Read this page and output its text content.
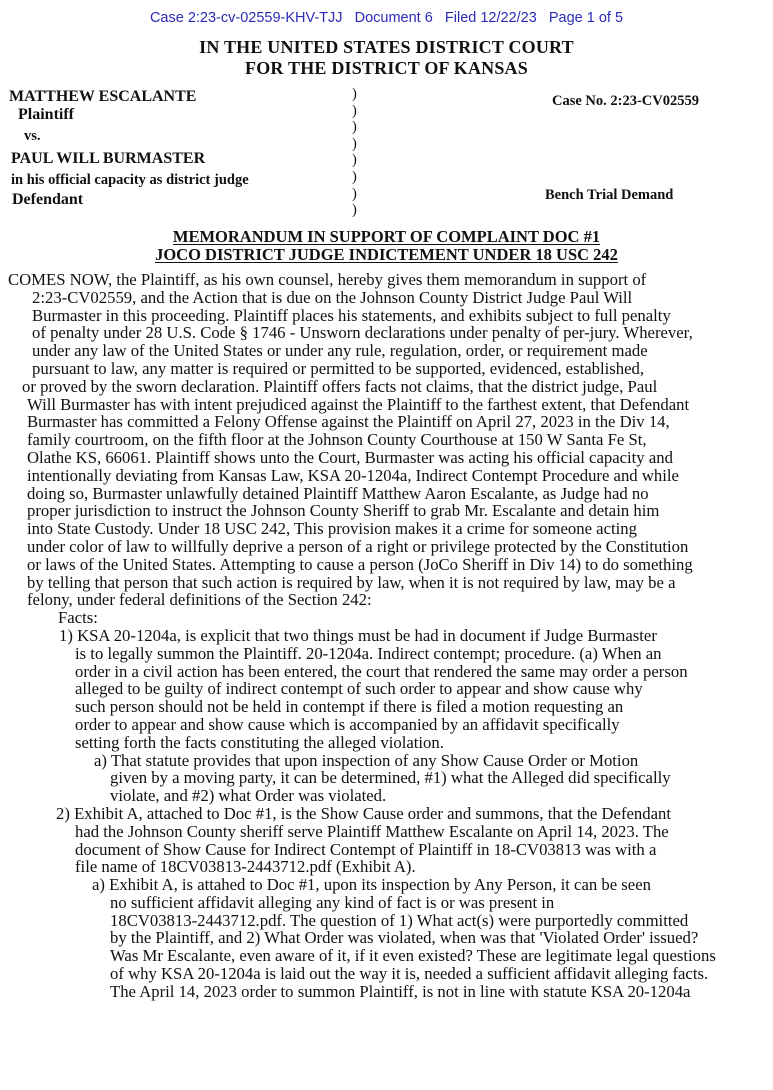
Case 2:23-cv-02559-KHV-TJJ   Document 6   Filed 12/22/23   Page 1 of 5
IN THE UNITED STATES DISTRICT COURT
FOR THE DISTRICT OF KANSAS
MATTHEW ESCALANTE
Plaintiff
vs.
PAUL WILL BURMASTER
in his official capacity as district judge
Defendant
)
)
)
)
)
)
)
)
Case No. 2:23-CV02559
Bench Trial Demand
MEMORANDUM IN SUPPORT OF COMPLAINT DOC #1
JOCO DISTRICT JUDGE INDICTEMENT UNDER 18 USC 242
COMES NOW, the Plaintiff, as his own counsel, hereby gives them memorandum in support of
2:23-CV02559, and the Action that is due on the Johnson County District Judge Paul Will
Burmaster in this proceeding. Plaintiff places his statements, and exhibits subject to full penalty
of penalty under 28 U.S. Code § 1746 - Unsworn declarations under penalty of per-jury. Wherever,
under any law of the United States or under any rule, regulation, order, or requirement made
pursuant to law, any matter is required or permitted to be supported, evidenced, established,
or proved by the sworn declaration. Plaintiff offers facts not claims, that the district judge, Paul
Will Burmaster has with intent prejudiced against the Plaintiff to the farthest extent, that Defendant
Burmaster has committed a Felony Offense against the Plaintiff on April 27, 2023 in the Div 14,
family courtroom, on the fifth floor at the Johnson County Courthouse at 150 W Santa Fe St,
Olathe KS, 66061. Plaintiff shows unto the Court, Burmaster was acting his official capacity and
intentionally deviating from Kansas Law, KSA 20-1204a, Indirect Contempt Procedure and while
doing so, Burmaster unlawfully detained Plaintiff Matthew Aaron Escalante, as Judge had no
proper jurisdiction to instruct the Johnson County Sheriff to grab Mr. Escalante and detain him
into State Custody. Under 18 USC 242, This provision makes it a crime for someone acting
under color of law to willfully deprive a person of a right or privilege protected by the Constitution
or laws of the United States. Attempting to cause a person (JoCo Sheriff in Div 14) to do something
by telling that person that such action is required by law, when it is not required by law, may be a
felony, under federal definitions of the Section 242:
Facts:
1) KSA 20-1204a, is explicit that two things must be had in document if Judge Burmaster
is to legally summon the Plaintiff. 20-1204a. Indirect contempt; procedure. (a) When an
order in a civil action has been entered, the court that rendered the same may order a person
alleged to be guilty of indirect contempt of such order to appear and show cause why
such person should not be held in contempt if there is filed a motion requesting an
order to appear and show cause which is accompanied by an affidavit specifically
setting forth the facts constituting the alleged violation.
a) That statute provides that upon inspection of any Show Cause Order or Motion
given by a moving party, it can be determined, #1) what the Alleged did specifically
violate, and #2) what Order was violated.
2) Exhibit A, attached to Doc #1, is the Show Cause order and summons, that the Defendant
had the Johnson County sheriff serve Plaintiff Matthew Escalante on April 14, 2023. The
document of Show Cause for Indirect Contempt of Plaintiff in 18-CV03813 was with a
file name of 18CV03813-2443712.pdf (Exhibit A).
a) Exhibit A, is attahed to Doc #1, upon its inspection by Any Person, it can be seen
no sufficient affidavit alleging any kind of fact is or was present in
18CV03813-2443712.pdf. The question of 1) What act(s) were purportedly committed
by the Plaintiff, and 2) What Order was violated, when was that 'Violated Order' issued?
Was Mr Escalante, even aware of it, if it even existed? These are legitimate legal questions
of why KSA 20-1204a is laid out the way it is, needed a sufficient affidavit alleging facts.
The April 14, 2023 order to summon Plaintiff, is not in line with statute KSA 20-1204a
